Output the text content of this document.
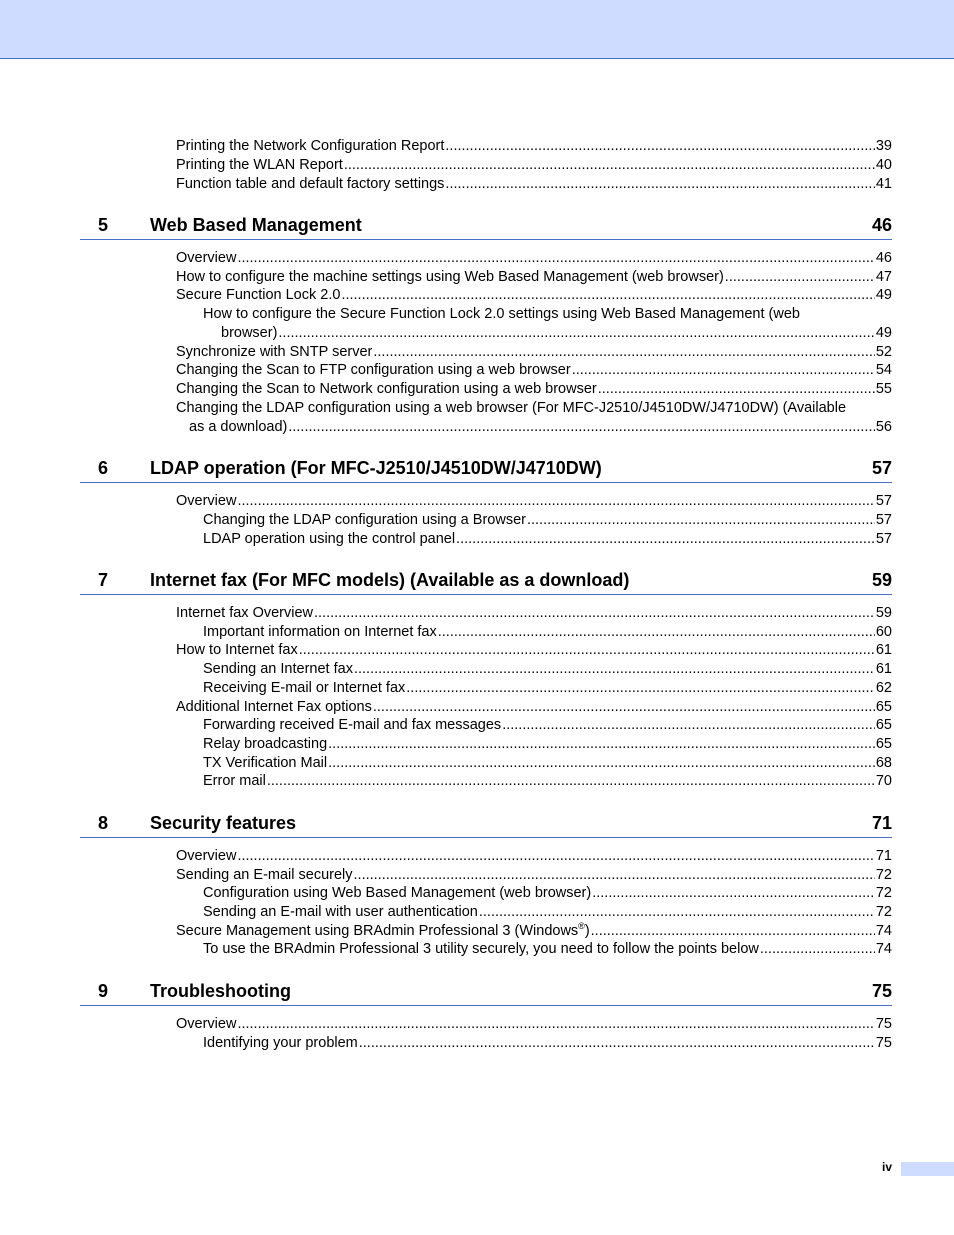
Printing the Network Configuration Report .....	39
Printing the WLAN Report .....	40
Function table and default factory settings .....	41
5 Web Based Management	46
Overview .....	46
How to configure the machine settings using Web Based Management (web browser) .....	47
Secure Function Lock 2.0 .....	49
How to configure the Secure Function Lock 2.0 settings using Web Based Management (web
browser) .....	49
Synchronize with SNTP server .....	52
Changing the Scan to FTP configuration using a web browser .....	54
Changing the Scan to Network configuration using a web browser .....	55
Changing the LDAP configuration using a web browser (For MFC-J2510/J4510DW/J4710DW) (Available
as a download) .....	56
6 LDAP operation (For MFC-J2510/J4510DW/J4710DW)	57
Overview .....	57
Changing the LDAP configuration using a Browser .....	57
LDAP operation using the control panel .....	57
7 Internet fax (For MFC models) (Available as a download)	59
Internet fax Overview .....	59
Important information on Internet fax .....	60
How to Internet fax .....	61
Sending an Internet fax .....	61
Receiving E-mail or Internet fax .....	62
Additional Internet Fax options .....	65
Forwarding received E-mail and fax messages .....	65
Relay broadcasting .....	65
TX Verification Mail .....	68
Error mail .....	70
8 Security features	71
Overview .....	71
Sending an E-mail securely .....	72
Configuration using Web Based Management (web browser) .....	72
Sending an E-mail with user authentication .....	72
Secure Management using BRAdmin Professional 3 (Windows®) .....	74
To use the BRAdmin Professional 3 utility securely, you need to follow the points below .....	74
9 Troubleshooting	75
Overview .....	75
Identifying your problem .....	75
iv
